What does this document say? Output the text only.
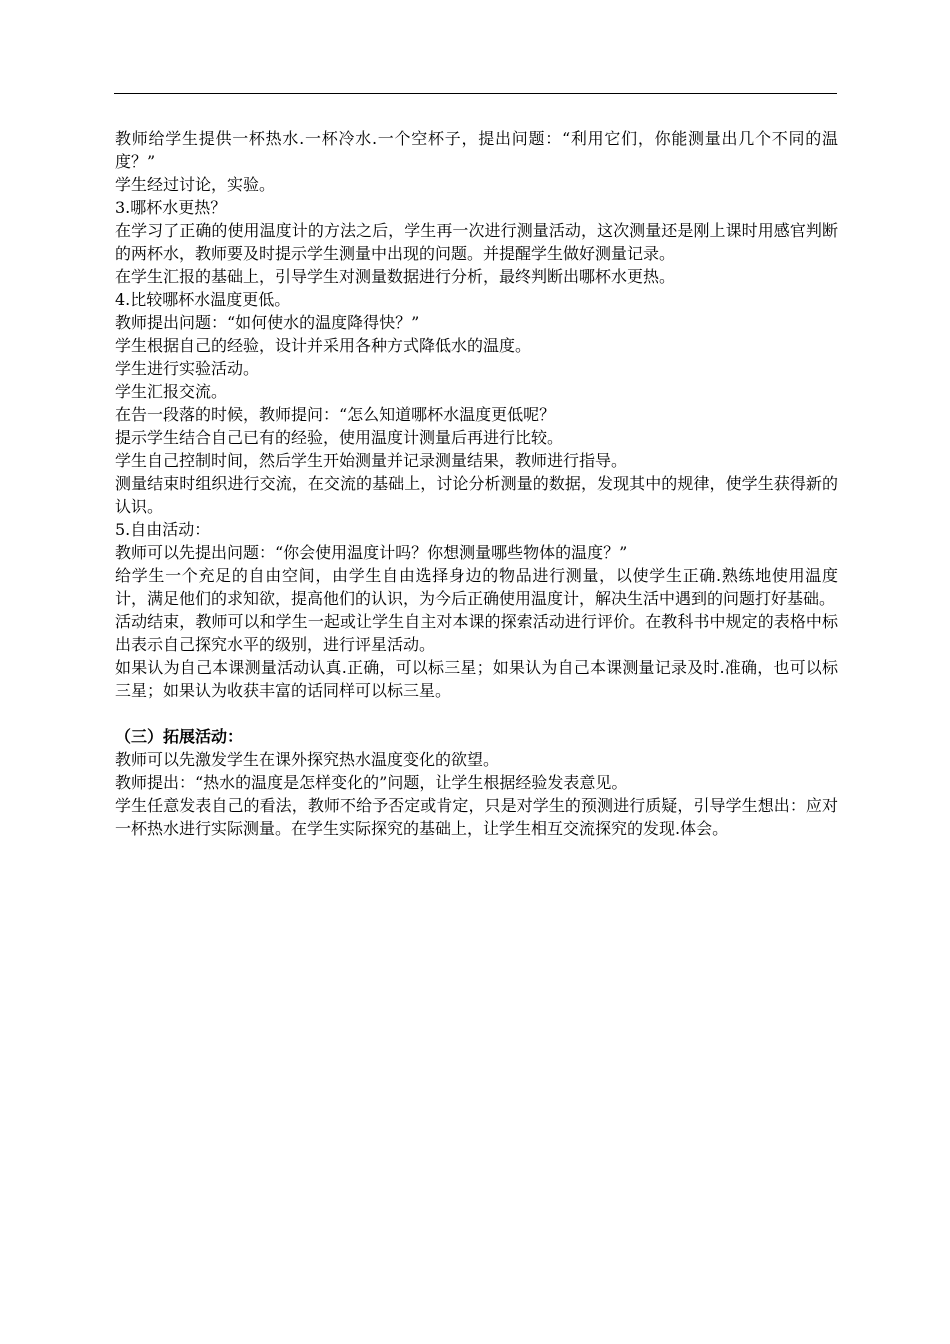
教师给学生提供一杯热水.一杯冷水.一个空杯子，提出问题：“利用它们，你能测量出几个不同的温度？”

学生经过讨论，实验。

3.哪杯水更热？

在学习了正确的使用温度计的方法之后，学生再一次进行测量活动，这次测量还是刚上课时用感官判断的两杯水，教师要及时提示学生测量中出现的问题。并提醒学生做好测量记录。

在学生汇报的基础上，引导学生对测量数据进行分析，最终判断出哪杯水更热。

4.比较哪杯水温度更低。

教师提出问题：“如何使水的温度降得快？”

学生根据自己的经验，设计并采用各种方式降低水的温度。

学生进行实验活动。

学生汇报交流。

在告一段落的时候，教师提问：“怎么知道哪杯水温度更低呢？

提示学生结合自己已有的经验，使用温度计测量后再进行比较。

学生自己控制时间，然后学生开始测量并记录测量结果，教师进行指导。

测量结束时组织进行交流，在交流的基础上，讨论分析测量的数据，发现其中的规律，使学生获得新的认识。

5.自由活动：

教师可以先提出问题：“你会使用温度计吗？你想测量哪些物体的温度？”

给学生一个充足的自由空间，由学生自由选择身边的物品进行测量，以使学生正确.熟练地使用温度计，满足他们的求知欲，提高他们的认识，为今后正确使用温度计，解决生活中遇到的问题打好基础。

活动结束，教师可以和学生一起或让学生自主对本课的探索活动进行评价。在教科书中规定的表格中标出表示自己探究水平的级别，进行评星活动。

如果认为自己本课测量活动认真.正确，可以标三星；如果认为自己本课测量记录及时.准确，也可以标三星；如果认为收获丰富的话同样可以标三星。

（三）拓展活动：

教师可以先激发学生在课外探究热水温度变化的欲望。

教师提出：“热水的温度是怎样变化的”问题，让学生根据经验发表意见。

学生任意发表自己的看法，教师不给予否定或肯定，只是对学生的预测进行质疑，引导学生想出：应对一杯热水进行实际测量。在学生实际探究的基础上，让学生相互交流探究的发现.体会。
